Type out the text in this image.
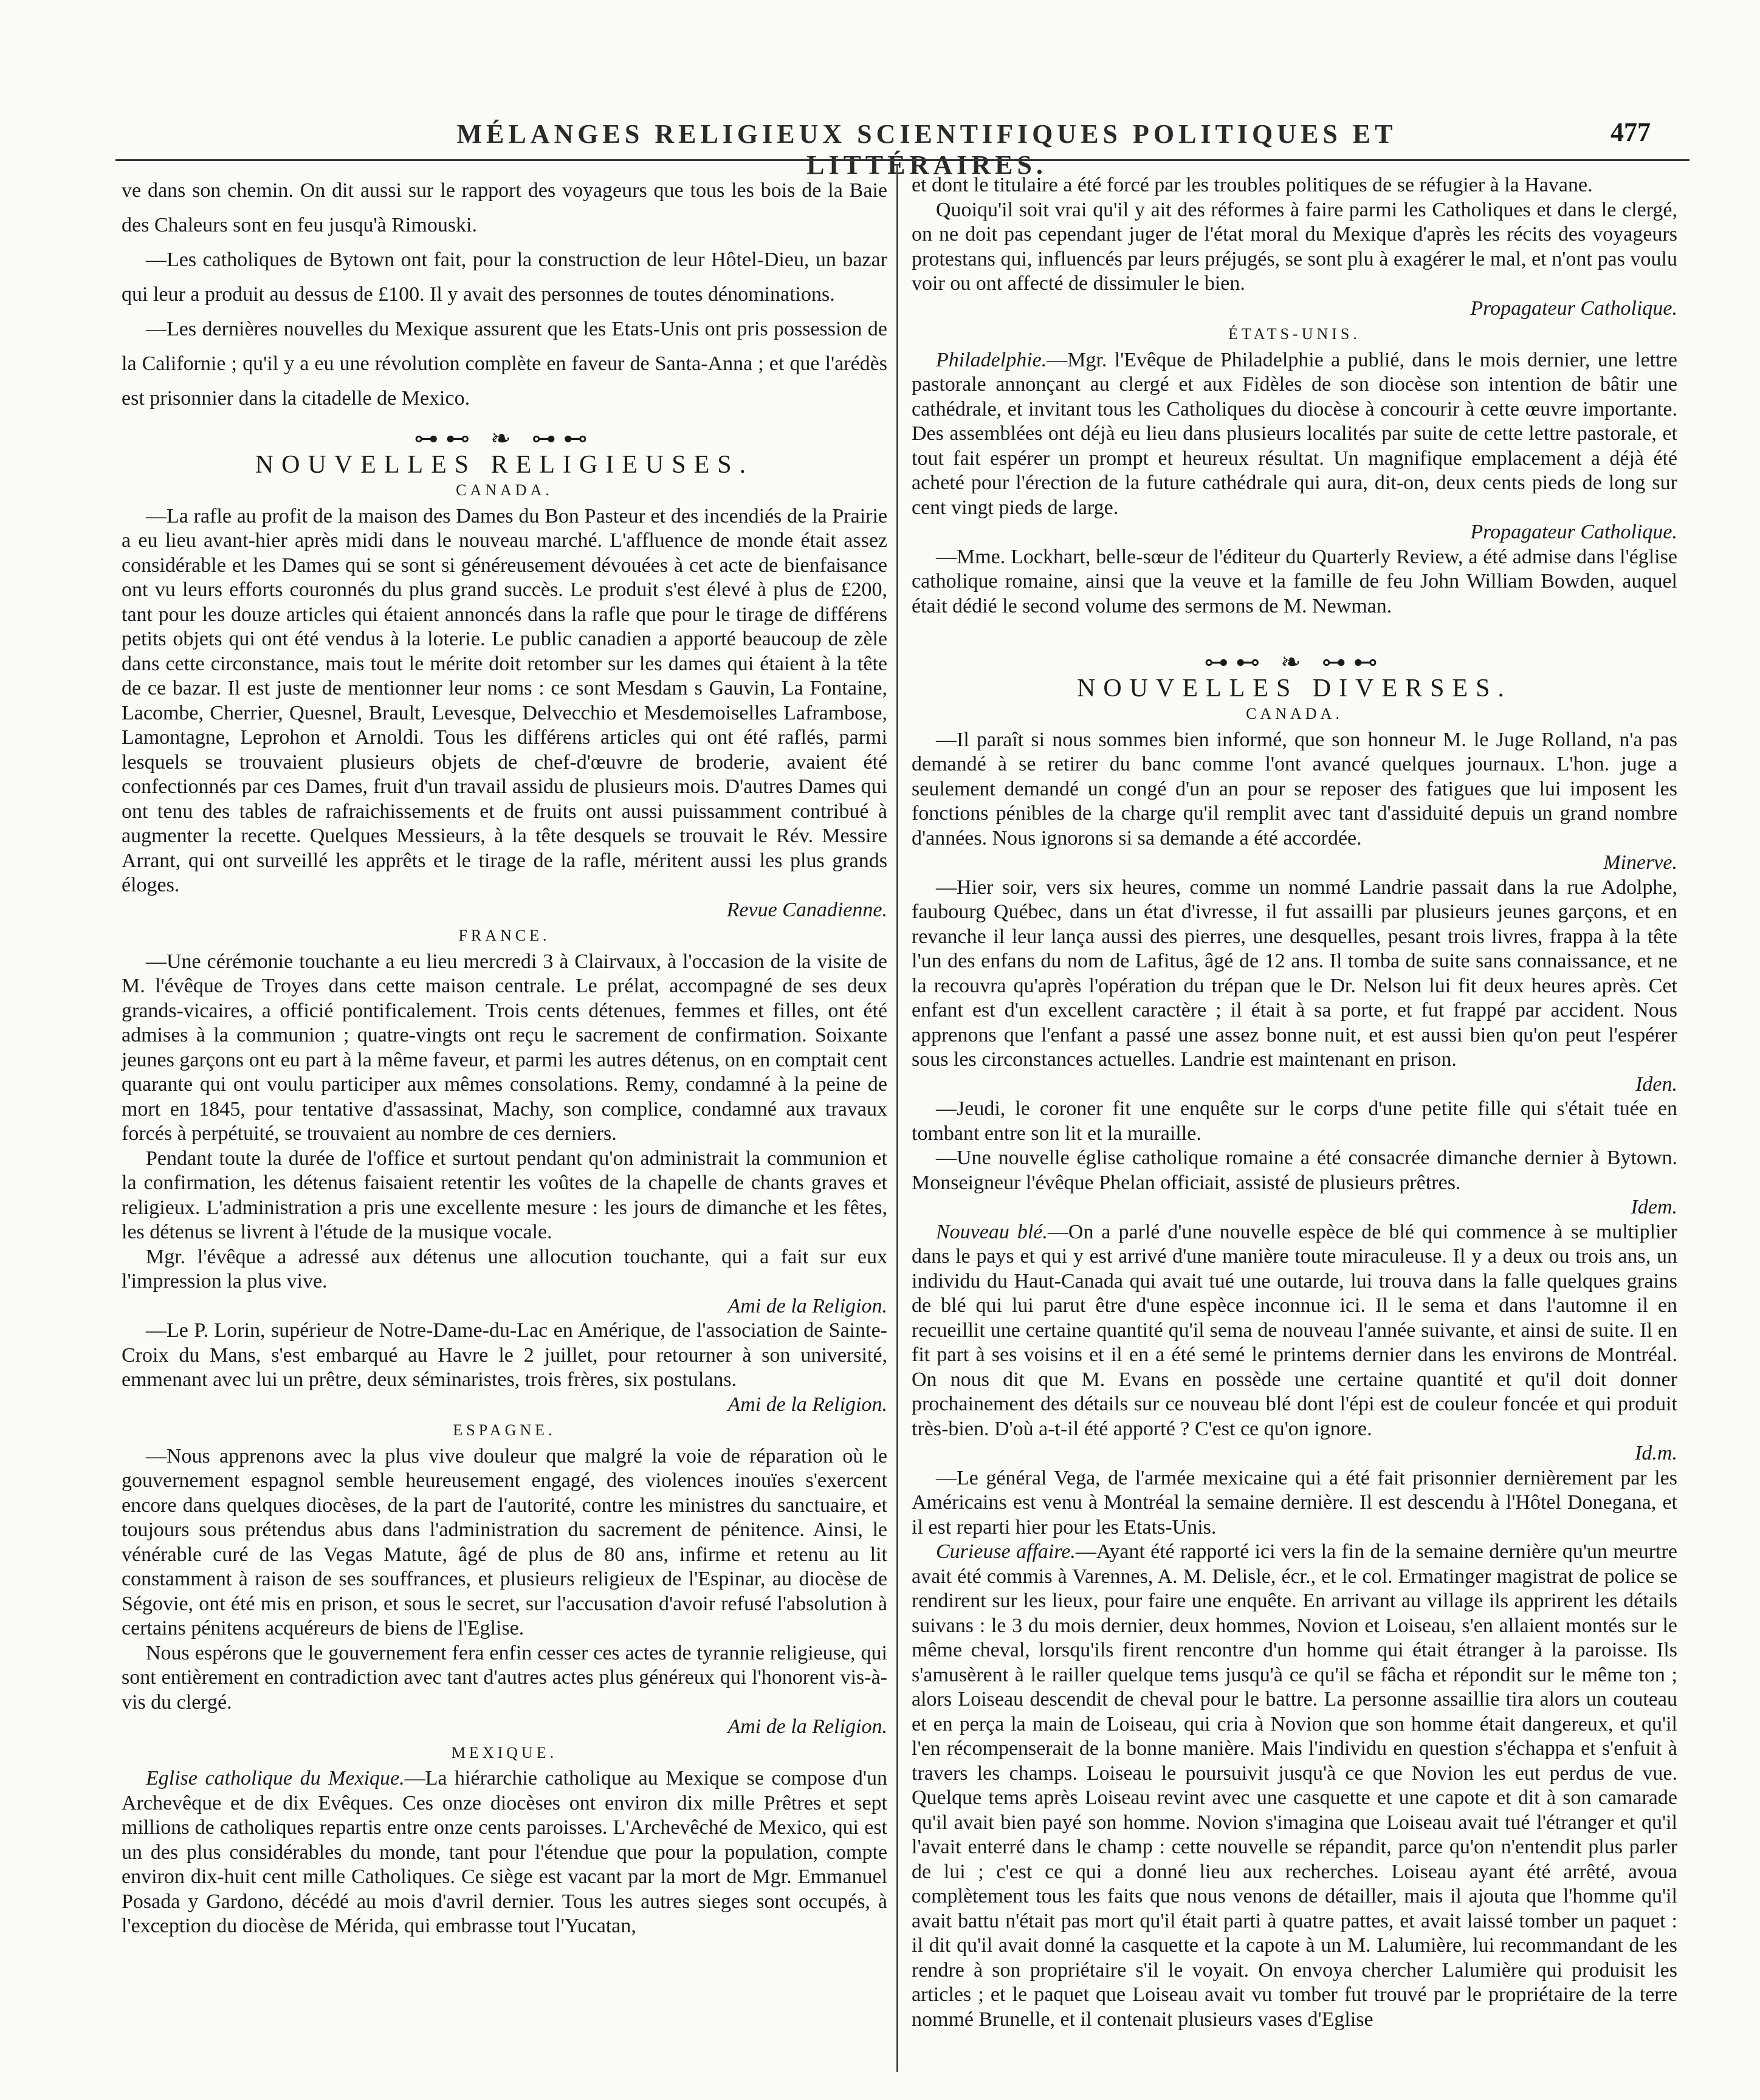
MÉLANGES RELIGIEUX SCIENTIFIQUES POLITIQUES ET LITTÉRAIRES.
477

ve dans son chemin. On dit aussi sur le rapport des voyageurs que tous les bois de la Baie des Chaleurs sont en feu jusqu'à Rimouski.

—Les catholiques de Bytown ont fait, pour la construction de leur Hôtel-Dieu, un bazar qui leur a produit au dessus de £100. Il y avait des personnes de toutes dénominations.

—Les dernières nouvelles du Mexique assurent que les Etats-Unis ont pris possession de la Californie ; qu'il y a eu une révolution complète en faveur de Santa-Anna ; et que l'arédès est prisonnier dans la citadelle de Mexico.

⊶⊷ ❧ ⊶⊷
NOUVELLES RELIGIEUSES.
CANADA.

—La rafle au profit de la maison des Dames du Bon Pasteur et des incendiés de la Prairie a eu lieu avant-hier après midi dans le nouveau marché. L'affluence de monde était assez considérable et les Dames qui se sont si généreusement dévouées à cet acte de bienfaisance ont vu leurs efforts couronnés du plus grand succès. Le produit s'est élevé à plus de £200, tant pour les douze articles qui étaient annoncés dans la rafle que pour le tirage de différens petits objets qui ont été vendus à la loterie. Le public canadien a apporté beaucoup de zèle dans cette circonstance, mais tout le mérite doit retomber sur les dames qui étaient à la tête de ce bazar. Il est juste de mentionner leur noms : ce sont Mesdam s Gauvin, La Fontaine, Lacombe, Cherrier, Quesnel, Brault, Levesque, Delvecchio et Mesdemoiselles Laframbose, Lamontagne, Leprohon et Arnoldi. Tous les différens articles qui ont été raflés, parmi lesquels se trouvaient plusieurs objets de chef-d'œuvre de broderie, avaient été confectionnés par ces Dames, fruit d'un travail assidu de plusieurs mois. D'autres Dames qui ont tenu des tables de rafraichissements et de fruits ont aussi puissamment contribué à augmenter la recette. Quelques Messieurs, à la tête desquels se trouvait le Rév. Messire Arrant, qui ont surveillé les apprêts et le tirage de la rafle, méritent aussi les plus grands éloges.

Revue Canadienne.
FRANCE.

—Une cérémonie touchante a eu lieu mercredi 3 à Clairvaux, à l'occasion de la visite de M. l'évêque de Troyes dans cette maison centrale. Le prélat, accompagné de ses deux grands-vicaires, a officié pontificalement. Trois cents détenues, femmes et filles, ont été admises à la communion ; quatre-vingts ont reçu le sacrement de confirmation. Soixante jeunes garçons ont eu part à la même faveur, et parmi les autres détenus, on en comptait cent quarante qui ont voulu participer aux mêmes consolations. Remy, condamné à la peine de mort en 1845, pour tentative d'assassinat, Machy, son complice, condamné aux travaux forcés à perpétuité, se trouvaient au nombre de ces derniers.

Pendant toute la durée de l'office et surtout pendant qu'on administrait la communion et la confirmation, les détenus faisaient retentir les voûtes de la chapelle de chants graves et religieux. L'administration a pris une excellente mesure : les jours de dimanche et les fêtes, les détenus se livrent à l'étude de la musique vocale.

Mgr. l'évêque a adressé aux détenus une allocution touchante, qui a fait sur eux l'impression la plus vive.

Ami de la Religion.

—Le P. Lorin, supérieur de Notre-Dame-du-Lac en Amérique, de l'association de Sainte-Croix du Mans, s'est embarqué au Havre le 2 juillet, pour retourner à son université, emmenant avec lui un prêtre, deux séminaristes, trois frères, six postulans.

Ami de la Religion.
ESPAGNE.

—Nous apprenons avec la plus vive douleur que malgré la voie de réparation où le gouvernement espagnol semble heureusement engagé, des violences inouïes s'exercent encore dans quelques diocèses, de la part de l'autorité, contre les ministres du sanctuaire, et toujours sous prétendus abus dans l'administration du sacrement de pénitence. Ainsi, le vénérable curé de las Vegas Matute, âgé de plus de 80 ans, infirme et retenu au lit constamment à raison de ses souffrances, et plusieurs religieux de l'Espinar, au diocèse de Ségovie, ont été mis en prison, et sous le secret, sur l'accusation d'avoir refusé l'absolution à certains pénitens acquéreurs de biens de l'Eglise.

Nous espérons que le gouvernement fera enfin cesser ces actes de tyrannie religieuse, qui sont entièrement en contradiction avec tant d'autres actes plus généreux qui l'honorent vis-à-vis du clergé.

Ami de la Religion.
MEXIQUE.

Eglise catholique du Mexique.—La hiérarchie catholique au Mexique se compose d'un Archevêque et de dix Evêques. Ces onze diocèses ont environ dix mille Prêtres et sept millions de catholiques repartis entre onze cents paroisses. L'Archevêché de Mexico, qui est un des plus considérables du monde, tant pour l'étendue que pour la population, compte environ dix-huit cent mille Catholiques. Ce siège est vacant par la mort de Mgr. Emmanuel Posada y Gardono, décédé au mois d'avril dernier. Tous les autres sieges sont occupés, à l'exception du diocèse de Mérida, qui embrasse tout l'Yucatan,

et dont le titulaire a été forcé par les troubles politiques de se réfugier à la Havane.

Quoiqu'il soit vrai qu'il y ait des réformes à faire parmi les Catholiques et dans le clergé, on ne doit pas cependant juger de l'état moral du Mexique d'après les récits des voyageurs protestans qui, influencés par leurs préjugés, se sont plu à exagérer le mal, et n'ont pas voulu voir ou ont affecté de dissimuler le bien.

Propagateur Catholique.
ÉTATS-UNIS.

Philadelphie.—Mgr. l'Evêque de Philadelphie a publié, dans le mois dernier, une lettre pastorale annonçant au clergé et aux Fidèles de son diocèse son intention de bâtir une cathédrale, et invitant tous les Catholiques du diocèse à concourir à cette œuvre importante. Des assemblées ont déjà eu lieu dans plusieurs localités par suite de cette lettre pastorale, et tout fait espérer un prompt et heureux résultat. Un magnifique emplacement a déjà été acheté pour l'érection de la future cathédrale qui aura, dit-on, deux cents pieds de long sur cent vingt pieds de large.

Propagateur Catholique.

—Mme. Lockhart, belle-sœur de l'éditeur du Quarterly Review, a été admise dans l'église catholique romaine, ainsi que la veuve et la famille de feu John William Bowden, auquel était dédié le second volume des sermons de M. Newman.

⊶⊷ ❧ ⊶⊷
NOUVELLES DIVERSES.
CANADA.

—Il paraît si nous sommes bien informé, que son honneur M. le Juge Rolland, n'a pas demandé à se retirer du banc comme l'ont avancé quelques journaux. L'hon. juge a seulement demandé un congé d'un an pour se reposer des fatigues que lui imposent les fonctions pénibles de la charge qu'il remplit avec tant d'assiduité depuis un grand nombre d'années. Nous ignorons si sa demande a été accordée.

Minerve.

—Hier soir, vers six heures, comme un nommé Landrie passait dans la rue Adolphe, faubourg Québec, dans un état d'ivresse, il fut assailli par plusieurs jeunes garçons, et en revanche il leur lança aussi des pierres, une desquelles, pesant trois livres, frappa à la tête l'un des enfans du nom de Lafitus, âgé de 12 ans. Il tomba de suite sans connaissance, et ne la recouvra qu'après l'opération du trépan que le Dr. Nelson lui fit deux heures après. Cet enfant est d'un excellent caractère ; il était à sa porte, et fut frappé par accident. Nous apprenons que l'enfant a passé une assez bonne nuit, et est aussi bien qu'on peut l'espérer sous les circonstances actuelles. Landrie est maintenant en prison.

Iden.

—Jeudi, le coroner fit une enquête sur le corps d'une petite fille qui s'était tuée en tombant entre son lit et la muraille.

—Une nouvelle église catholique romaine a été consacrée dimanche dernier à Bytown. Monseigneur l'évêque Phelan officiait, assisté de plusieurs prêtres.

Idem.

Nouveau blé.—On a parlé d'une nouvelle espèce de blé qui commence à se multiplier dans le pays et qui y est arrivé d'une manière toute miraculeuse. Il y a deux ou trois ans, un individu du Haut-Canada qui avait tué une outarde, lui trouva dans la falle quelques grains de blé qui lui parut être d'une espèce inconnue ici. Il le sema et dans l'automne il en recueillit une certaine quantité qu'il sema de nouveau l'année suivante, et ainsi de suite. Il en fit part à ses voisins et il en a été semé le printems dernier dans les environs de Montréal. On nous dit que M. Evans en possède une certaine quantité et qu'il doit donner prochainement des détails sur ce nouveau blé dont l'épi est de couleur foncée et qui produit très-bien. D'où a-t-il été apporté ? C'est ce qu'on ignore.

Id.m.

—Le général Vega, de l'armée mexicaine qui a été fait prisonnier dernièrement par les Américains est venu à Montréal la semaine dernière. Il est descendu à l'Hôtel Donegana, et il est reparti hier pour les Etats-Unis.

Curieuse affaire.—Ayant été rapporté ici vers la fin de la semaine dernière qu'un meurtre avait été commis à Varennes, A. M. Delisle, écr., et le col. Ermatinger magistrat de police se rendirent sur les lieux, pour faire une enquête. En arrivant au village ils apprirent les détails suivans : le 3 du mois dernier, deux hommes, Novion et Loiseau, s'en allaient montés sur le même cheval, lorsqu'ils firent rencontre d'un homme qui était étranger à la paroisse. Ils s'amusèrent à le railler quelque tems jusqu'à ce qu'il se fâcha et répondit sur le même ton ; alors Loiseau descendit de cheval pour le battre. La personne assaillie tira alors un couteau et en perça la main de Loiseau, qui cria à Novion que son homme était dangereux, et qu'il l'en récompenserait de la bonne manière. Mais l'individu en question s'échappa et s'enfuit à travers les champs. Loiseau le poursuivit jusqu'à ce que Novion les eut perdus de vue. Quelque tems après Loiseau revint avec une casquette et une capote et dit à son camarade qu'il avait bien payé son homme. Novion s'imagina que Loiseau avait tué l'étranger et qu'il l'avait enterré dans le champ : cette nouvelle se répandit, parce qu'on n'entendit plus parler de lui ; c'est ce qui a donné lieu aux recherches. Loiseau ayant été arrêté, avoua complètement tous les faits que nous venons de détailler, mais il ajouta que l'homme qu'il avait battu n'était pas mort qu'il était parti à quatre pattes, et avait laissé tomber un paquet : il dit qu'il avait donné la casquette et la capote à un M. Lalumière, lui recommandant de les rendre à son propriétaire s'il le voyait. On envoya chercher Lalumière qui produisit les articles ; et le paquet que Loiseau avait vu tomber fut trouvé par le propriétaire de la terre nommé Brunelle, et il contenait plusieurs vases d'Eglise
